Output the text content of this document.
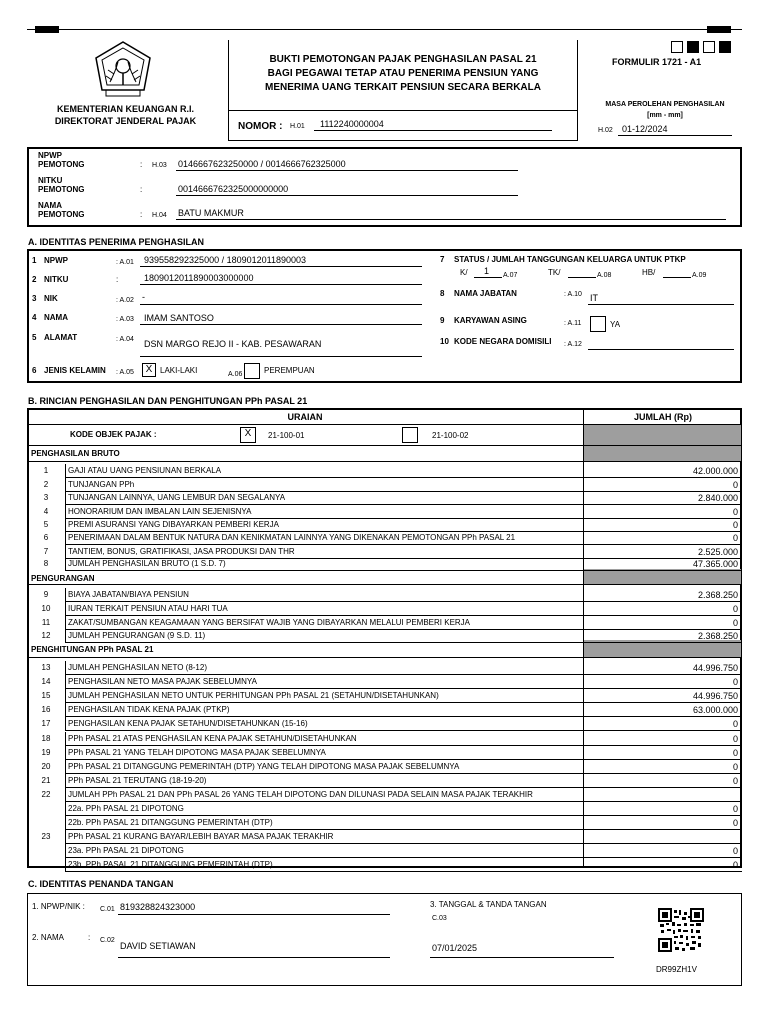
KEMENTERIAN KEUANGAN R.I.
DIREKTORAT JENDERAL PAJAK
BUKTI PEMOTONGAN PAJAK PENGHASILAN PASAL 21
BAGI PEGAWAI TETAP ATAU PENERIMA PENSIUN YANG
MENERIMA UANG TERKAIT PENSIUN SECARA BERKALA
NOMOR : H.01 1112240000004
FORMULIR 1721 - A1
MASA PEROLEHAN PENGHASILAN
[mm - mm]
H.02 01-12/2024
NPWP
PEMOTONG	: H.03 0146667623250000 / 0014666762325000
NITKU
PEMOTONG	:	0014666762325000000000
NAMA
PEMOTONG	: H.04 BATU MAKMUR
A. IDENTITAS PENERIMA PENGHASILAN
1 NPWP	: A.01 939558292325000 / 1809012011890003
2 NITKU	:	1809012011890003000000
3 NIK	: A.02 -
4 NAMA	: A.03 IMAM SANTOSO
5 ALAMAT	: A.04 DSN MARGO REJO II - KAB. PESAWARAN
6 JENIS KELAMIN : A.05	X LAKI-LAKI	A.06	PEREMPUAN
7 STATUS / JUMLAH TANGGUNGAN KELUARGA UNTUK PTKP
K/ 1 A.07	TK/	A.08	HB/	A.09
8 NAMA JABATAN	: A.10 IT
9 KARYAWAN ASING	: A.11	YA
10 KODE NEGARA DOMISILI : A.12
B. RINCIAN PENGHASILAN DAN PENGHITUNGAN PPh PASAL 21
URAIAN	JUMLAH (Rp)
KODE OBJEK PAJAK :	X	21-100-01	21-100-02
PENGHASILAN BRUTO
PENGURANGAN
PENGHITUNGAN PPh PASAL 21
1	GAJI ATAU UANG PENSIUNAN BERKALA	42.000.000
2	TUNJANGAN PPh	0
3	TUNJANGAN LAINNYA, UANG LEMBUR DAN SEGALANYA	2.840.000
4	HONORARIUM DAN IMBALAN LAIN SEJENISNYA	0
5	PREMI ASURANSI YANG DIBAYARKAN PEMBERI KERJA	0
6	PENERIMAAN DALAM BENTUK NATURA DAN KENIKMATAN LAINNYA YANG DIKENAKAN PEMOTONGAN PPh PASAL 21	0
7	TANTIEM, BONUS, GRATIFIKASI, JASA PRODUKSI DAN THR	2.525.000
8	JUMLAH PENGHASILAN BRUTO (1 S.D. 7)	47.365.000
9	BIAYA JABATAN/BIAYA PENSIUN	2.368.250
10	IURAN TERKAIT PENSIUN ATAU HARI TUA	0
11	ZAKAT/SUMBANGAN KEAGAMAAN YANG BERSIFAT WAJIB YANG DIBAYARKAN MELALUI PEMBERI KERJA	0
12	JUMLAH PENGURANGAN (9 S.D. 11)	2.368.250
13	JUMLAH PENGHASILAN NETO (8-12)	44.996.750
14	PENGHASILAN NETO MASA PAJAK SEBELUMNYA	0
15	JUMLAH PENGHASILAN NETO UNTUK PERHITUNGAN PPh PASAL 21 (SETAHUN/DISETAHUNKAN)	44.996.750
16	PENGHASILAN TIDAK KENA PAJAK (PTKP)	63.000.000
17	PENGHASILAN KENA PAJAK SETAHUN/DISETAHUNKAN (15-16)	0
18	PPh PASAL 21 ATAS PENGHASILAN KENA PAJAK SETAHUN/DISETAHUNKAN	0
19	PPh PASAL 21 YANG TELAH DIPOTONG MASA PAJAK SEBELUMNYA	0
20	PPh PASAL 21 DITANGGUNG PEMERINTAH (DTP) YANG TELAH DIPOTONG MASA PAJAK SEBELUMNYA	0
21	PPh PASAL 21 TERUTANG (18-19-20)	0
22	JUMLAH PPh PASAL 21 DAN PPh PASAL 26 YANG TELAH DIPOTONG DAN DILUNASI PADA SELAIN MASA PAJAK TERAKHIR
22a. PPh PASAL 21 DIPOTONG	0
22b. PPh PASAL 21 DITANGGUNG PEMERINTAH (DTP)	0
23	PPh PASAL 21 KURANG BAYAR/LEBIH BAYAR MASA PAJAK TERAKHIR
23a. PPh PASAL 21 DIPOTONG	0
23b. PPh PASAL 21 DITANGGUNG PEMERINTAH (DTP)	0
C. IDENTITAS PENANDA TANGAN
1. NPWP/NIK : C.01 819328824323000
2. NAMA	: C.02
DAVID SETIAWAN
3. TANGGAL & TANDA TANGAN
C.03
07/01/2025
DR99ZH1V
